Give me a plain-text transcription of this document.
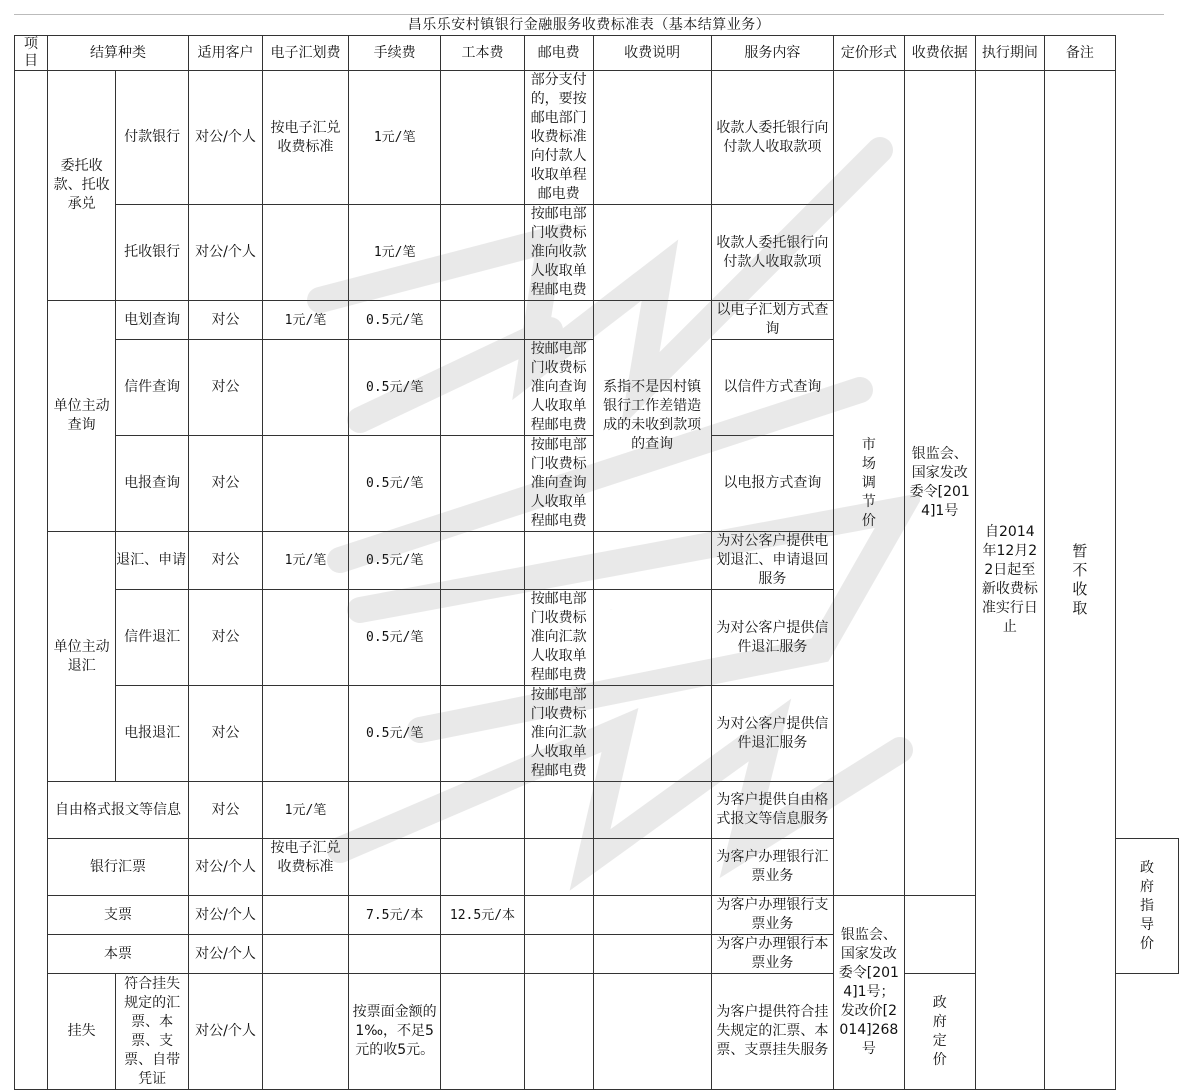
昌乐乐安村镇银行金融服务收费标准表（基本结算业务）
项目	结算种类		适用客户	电子汇划费	手续费	工本费	邮电费	收费说明	服务内容	定价形式	收费依据	执行期间	备注	
	委托收款、托收承兑	付款银行	对公/个人	按电子汇兑收费标准	1元/笔		部分支付的，要按邮电部门收费标准向付款人收取单程邮电费		收款人委托银行向付款人收取款项	市场调节价	银监会、国家发改委令[2014]1号	自2014年12月22日起至新收费标准实行日止	暂不收取	
		托收银行	对公/个人		1元/笔		按邮电部门收费标准向收款人收取单程邮电费		收款人委托银行向付款人收取款项					
	单位主动查询	电划查询	对公	1元/笔	0.5元/笔			系指不是因村镇银行工作差错造成的未收到款项的查询	以电子汇划方式查询					
		信件查询	对公		0.5元/笔		按邮电部门收费标准向查询人收取单程邮电费		以信件方式查询					
		电报查询	对公		0.5元/笔		按邮电部门收费标准向查询人收取单程邮电费		以电报方式查询					
	单位主动退汇	退汇、申请	对公	1元/笔	0.5元/笔				为对公客户提供电划退汇、申请退回服务					
		信件退汇	对公		0.5元/笔		按邮电部门收费标准向汇款人收取单程邮电费		为对公客户提供信件退汇服务					
		电报退汇	对公		0.5元/笔		按邮电部门收费标准向汇款人收取单程邮电费		为对公客户提供信件退汇服务					
	自由格式报文等信息		对公	1元/笔					为客户提供自由格式报文等信息服务					
	银行汇票		对公/个人	按电子汇兑收费标准					为客户办理银行汇票业务					政府指导价
	支票		对公/个人		7.5元/本	12.5元/本			为客户办理银行支票业务	银监会、国家发改委令[2014]1号；发改价[2014]268号				
	本票		对公/个人						为客户办理银行本票业务					
	挂失	符合挂失规定的汇票、本票、支票、自带凭证	对公/个人		按票面金额的1‰，不足5元的收5元。				为客户提供符合挂失规定的汇票、本票、支票挂失服务		政府定价			
WPS
